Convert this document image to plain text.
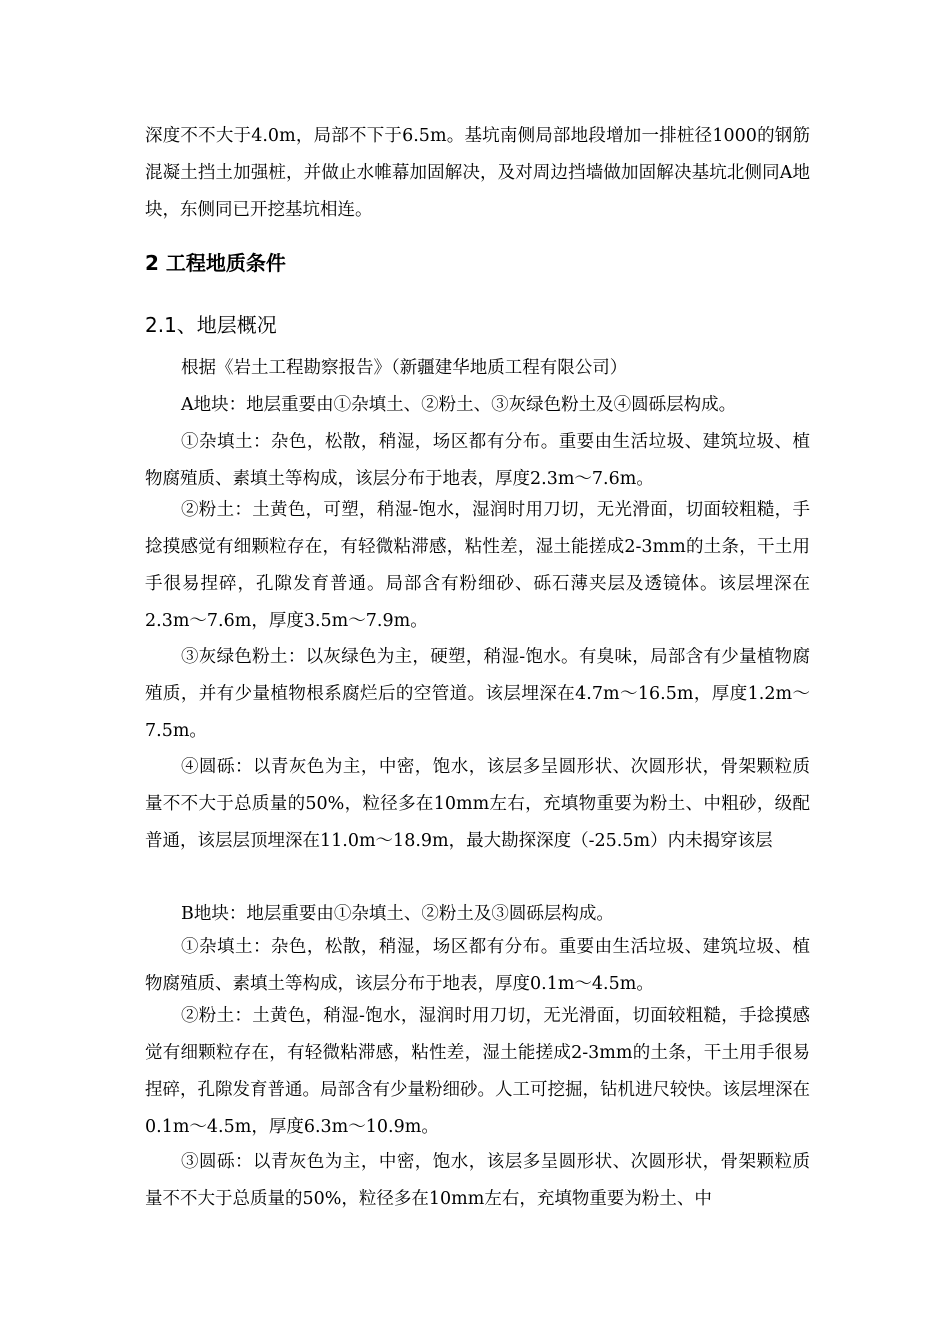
深度不不大于4.0m，局部不下于6.5m。基坑南侧局部地段增加一排桩径1000的钢筋混凝土挡土加强桩，并做止水帷幕加固解决，及对周边挡墙做加固解决基坑北侧同A地块，东侧同已开挖基坑相连。

2 工程地质条件
2.1、地层概况

根据《岩土工程勘察报告》（新疆建华地质工程有限公司）

A地块：地层重要由①杂填土、②粉土、③灰绿色粉土及④圆砾层构成。

①杂填土：杂色，松散，稍湿，场区都有分布。重要由生活垃圾、建筑垃圾、植物腐殖质、素填土等构成，该层分布于地表，厚度2.3m～7.6m。

②粉土：土黄色，可塑，稍湿-饱水，湿润时用刀切，无光滑面，切面较粗糙，手捻摸感觉有细颗粒存在，有轻微粘滞感，粘性差，湿土能搓成2-3mm的土条，干土用手很易捏碎，孔隙发育普通。局部含有粉细砂、砾石薄夹层及透镜体。该层埋深在2.3m～7.6m，厚度3.5m～7.9m。

③灰绿色粉土：以灰绿色为主，硬塑，稍湿-饱水。有臭味，局部含有少量植物腐殖质，并有少量植物根系腐烂后的空管道。该层埋深在4.7m～16.5m，厚度1.2m～7.5m。

④圆砾：以青灰色为主，中密，饱水，该层多呈圆形状、次圆形状，骨架颗粒质量不不大于总质量的50%，粒径多在10mm左右，充填物重要为粉土、中粗砂，级配普通，该层层顶埋深在11.0m～18.9m，最大勘探深度（-25.5m）内未揭穿该层

B地块：地层重要由①杂填土、②粉土及③圆砾层构成。

①杂填土：杂色，松散，稍湿，场区都有分布。重要由生活垃圾、建筑垃圾、植物腐殖质、素填土等构成，该层分布于地表，厚度0.1m～4.5m。

②粉土：土黄色，稍湿-饱水，湿润时用刀切，无光滑面，切面较粗糙，手捻摸感觉有细颗粒存在，有轻微粘滞感，粘性差，湿土能搓成2-3mm的土条，干土用手很易捏碎，孔隙发育普通。局部含有少量粉细砂。人工可挖掘，钻机进尺较快。该层埋深在0.1m～4.5m，厚度6.3m～10.9m。

③圆砾：以青灰色为主，中密，饱水，该层多呈圆形状、次圆形状，骨架颗粒质量不不大于总质量的50%，粒径多在10mm左右，充填物重要为粉土、中
